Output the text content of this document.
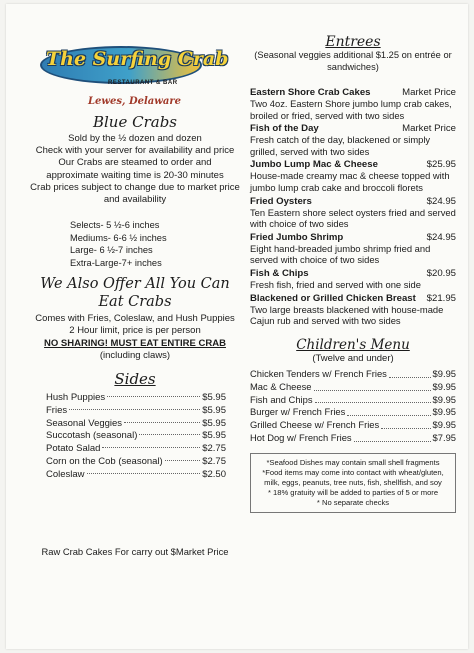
The Surfing Crab
RESTAURANT & BAR
Lewes, Delaware
Blue Crabs
Sold by the ½ dozen and dozen
Check with your server for availability and price
Our Crabs are steamed to order and
approximate waiting time is 20-30 minutes
Crab prices subject to change due to market price
and availability
Selects- 5 ½-6 inches
Mediums- 6-6 ½ inches
Large- 6 ½-7 inches
Extra-Large-7+ inches
We Also Offer All You Can Eat Crabs
Comes with Fries, Coleslaw, and Hush Puppies
2 Hour limit, price is per person
NO SHARING! MUST EAT ENTIRE CRAB
(including claws)
Sides
Hush Puppies	$5.95
Fries	$5.95
Seasonal Veggies	$5.95
Succotash (seasonal)	$5.95
Potato Salad	$2.75
Corn on the Cob (seasonal)	$2.75
Coleslaw	$2.50
Raw Crab Cakes For carry out $Market Price
Entrees
(Seasonal veggies additional $1.25 on entrée or sandwiches)
Eastern Shore Crab Cakes	Market Price
Two 4oz. Eastern Shore jumbo lump crab cakes, broiled or fried, served with two sides
Fish of the Day	Market Price
Fresh catch of the day, blackened or simply grilled, served with two sides
Jumbo Lump Mac & Cheese	$25.95
House-made creamy mac & cheese topped with jumbo lump crab cake and broccoli florets
Fried Oysters	$24.95
Ten Eastern shore select oysters fried and served with choice of two sides
Fried Jumbo Shrimp	$24.95
Eight hand-breaded jumbo shrimp fried and served with choice of two sides
Fish & Chips	$20.95
Fresh fish, fried and served with one side
Blackened or Grilled Chicken Breast $21.95
Two large breasts blackened with house-made Cajun rub and served with two sides
Children's Menu
(Twelve and under)
Chicken Tenders w/ French Fries	$9.95
Mac & Cheese	$9.95
Fish and Chips	$9.95
Burger w/ French Fries	$9.95
Grilled Cheese w/ French Fries	$9.95
Hot Dog w/ French Fries	$7.95
*Seafood Dishes may contain small shell fragments
*Food items may come into contact with wheat/gluten, milk, eggs, peanuts, tree nuts, fish, shellfish, and soy
* 18% gratuity will be added to parties of 5 or more
* No separate checks
